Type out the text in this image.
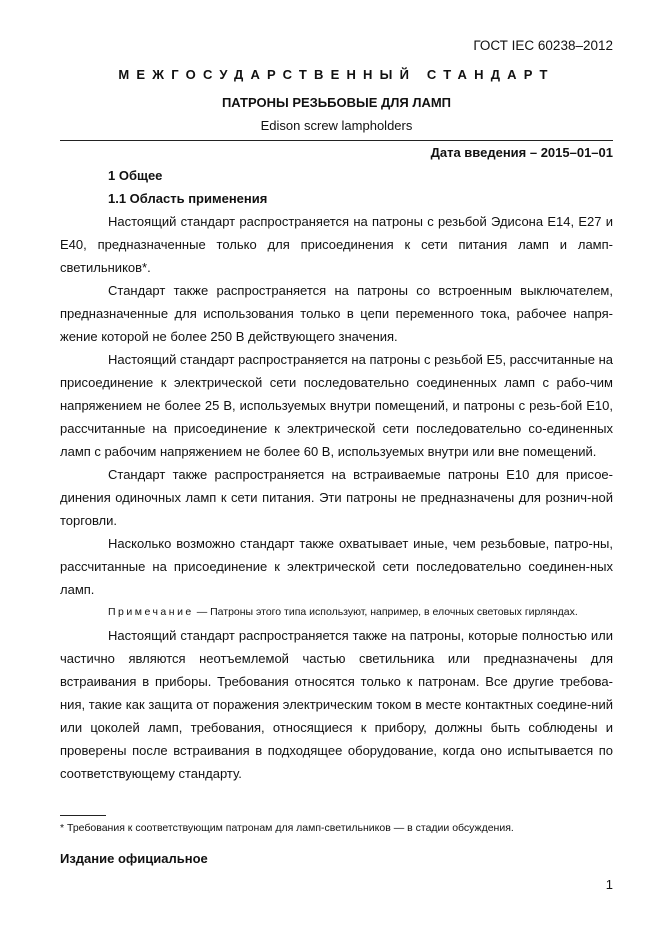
ГОСТ IEC 60238–2012
МЕЖГОСУДАРСТВЕННЫЙ СТАНДАРТ
ПАТРОНЫ РЕЗЬБОВЫЕ ДЛЯ ЛАМП
Edison screw lampholders
Дата введения – 2015–01–01

1 Общее

1.1 Область применения

Настоящий стандарт распространяется на патроны с резьбой Эдисона E14, E27 и E40, предназначенные только для присоединения к сети питания ламп и ламп-светильников*.

Стандарт также распространяется на патроны со встроенным выключателем, предназначенные для использования только в цепи переменного тока, рабочее напря-жение которой не более 250 В действующего значения.

Настоящий стандарт распространяется на патроны с резьбой E5, рассчитанные на присоединение к электрической сети последовательно соединенных ламп с рабо-чим напряжением не более 25 В, используемых внутри помещений, и патроны с резь-бой E10, рассчитанные на присоединение к электрической сети последовательно со-единенных ламп с рабочим напряжением не более 60 В, используемых внутри или вне помещений.

Стандарт также распространяется на встраиваемые патроны E10 для присое-динения одиночных ламп к сети питания. Эти патроны не предназначены для рознич-ной торговли.

Насколько возможно стандарт также охватывает иные, чем резьбовые, патро-ны, рассчитанные на присоединение к электрической сети последовательно соединен-ных ламп.

Примечание — Патроны этого типа используют, например, в елочных световых гирляндах.

Настоящий стандарт распространяется также на патроны, которые полностью или частично являются неотъемлемой частью светильника или предназначены для встраивания в приборы. Требования относятся только к патронам. Все другие требова-ния, такие как защита от поражения электрическим током в месте контактных соедине-ний или цоколей ламп, требования, относящиеся к прибору, должны быть соблюдены и проверены после встраивания в подходящее оборудование, когда оно испытывается по соответствующему стандарту.

* Требования к соответствующим патронам для ламп-светильников — в стадии обсуждения.
Издание официальное
1
